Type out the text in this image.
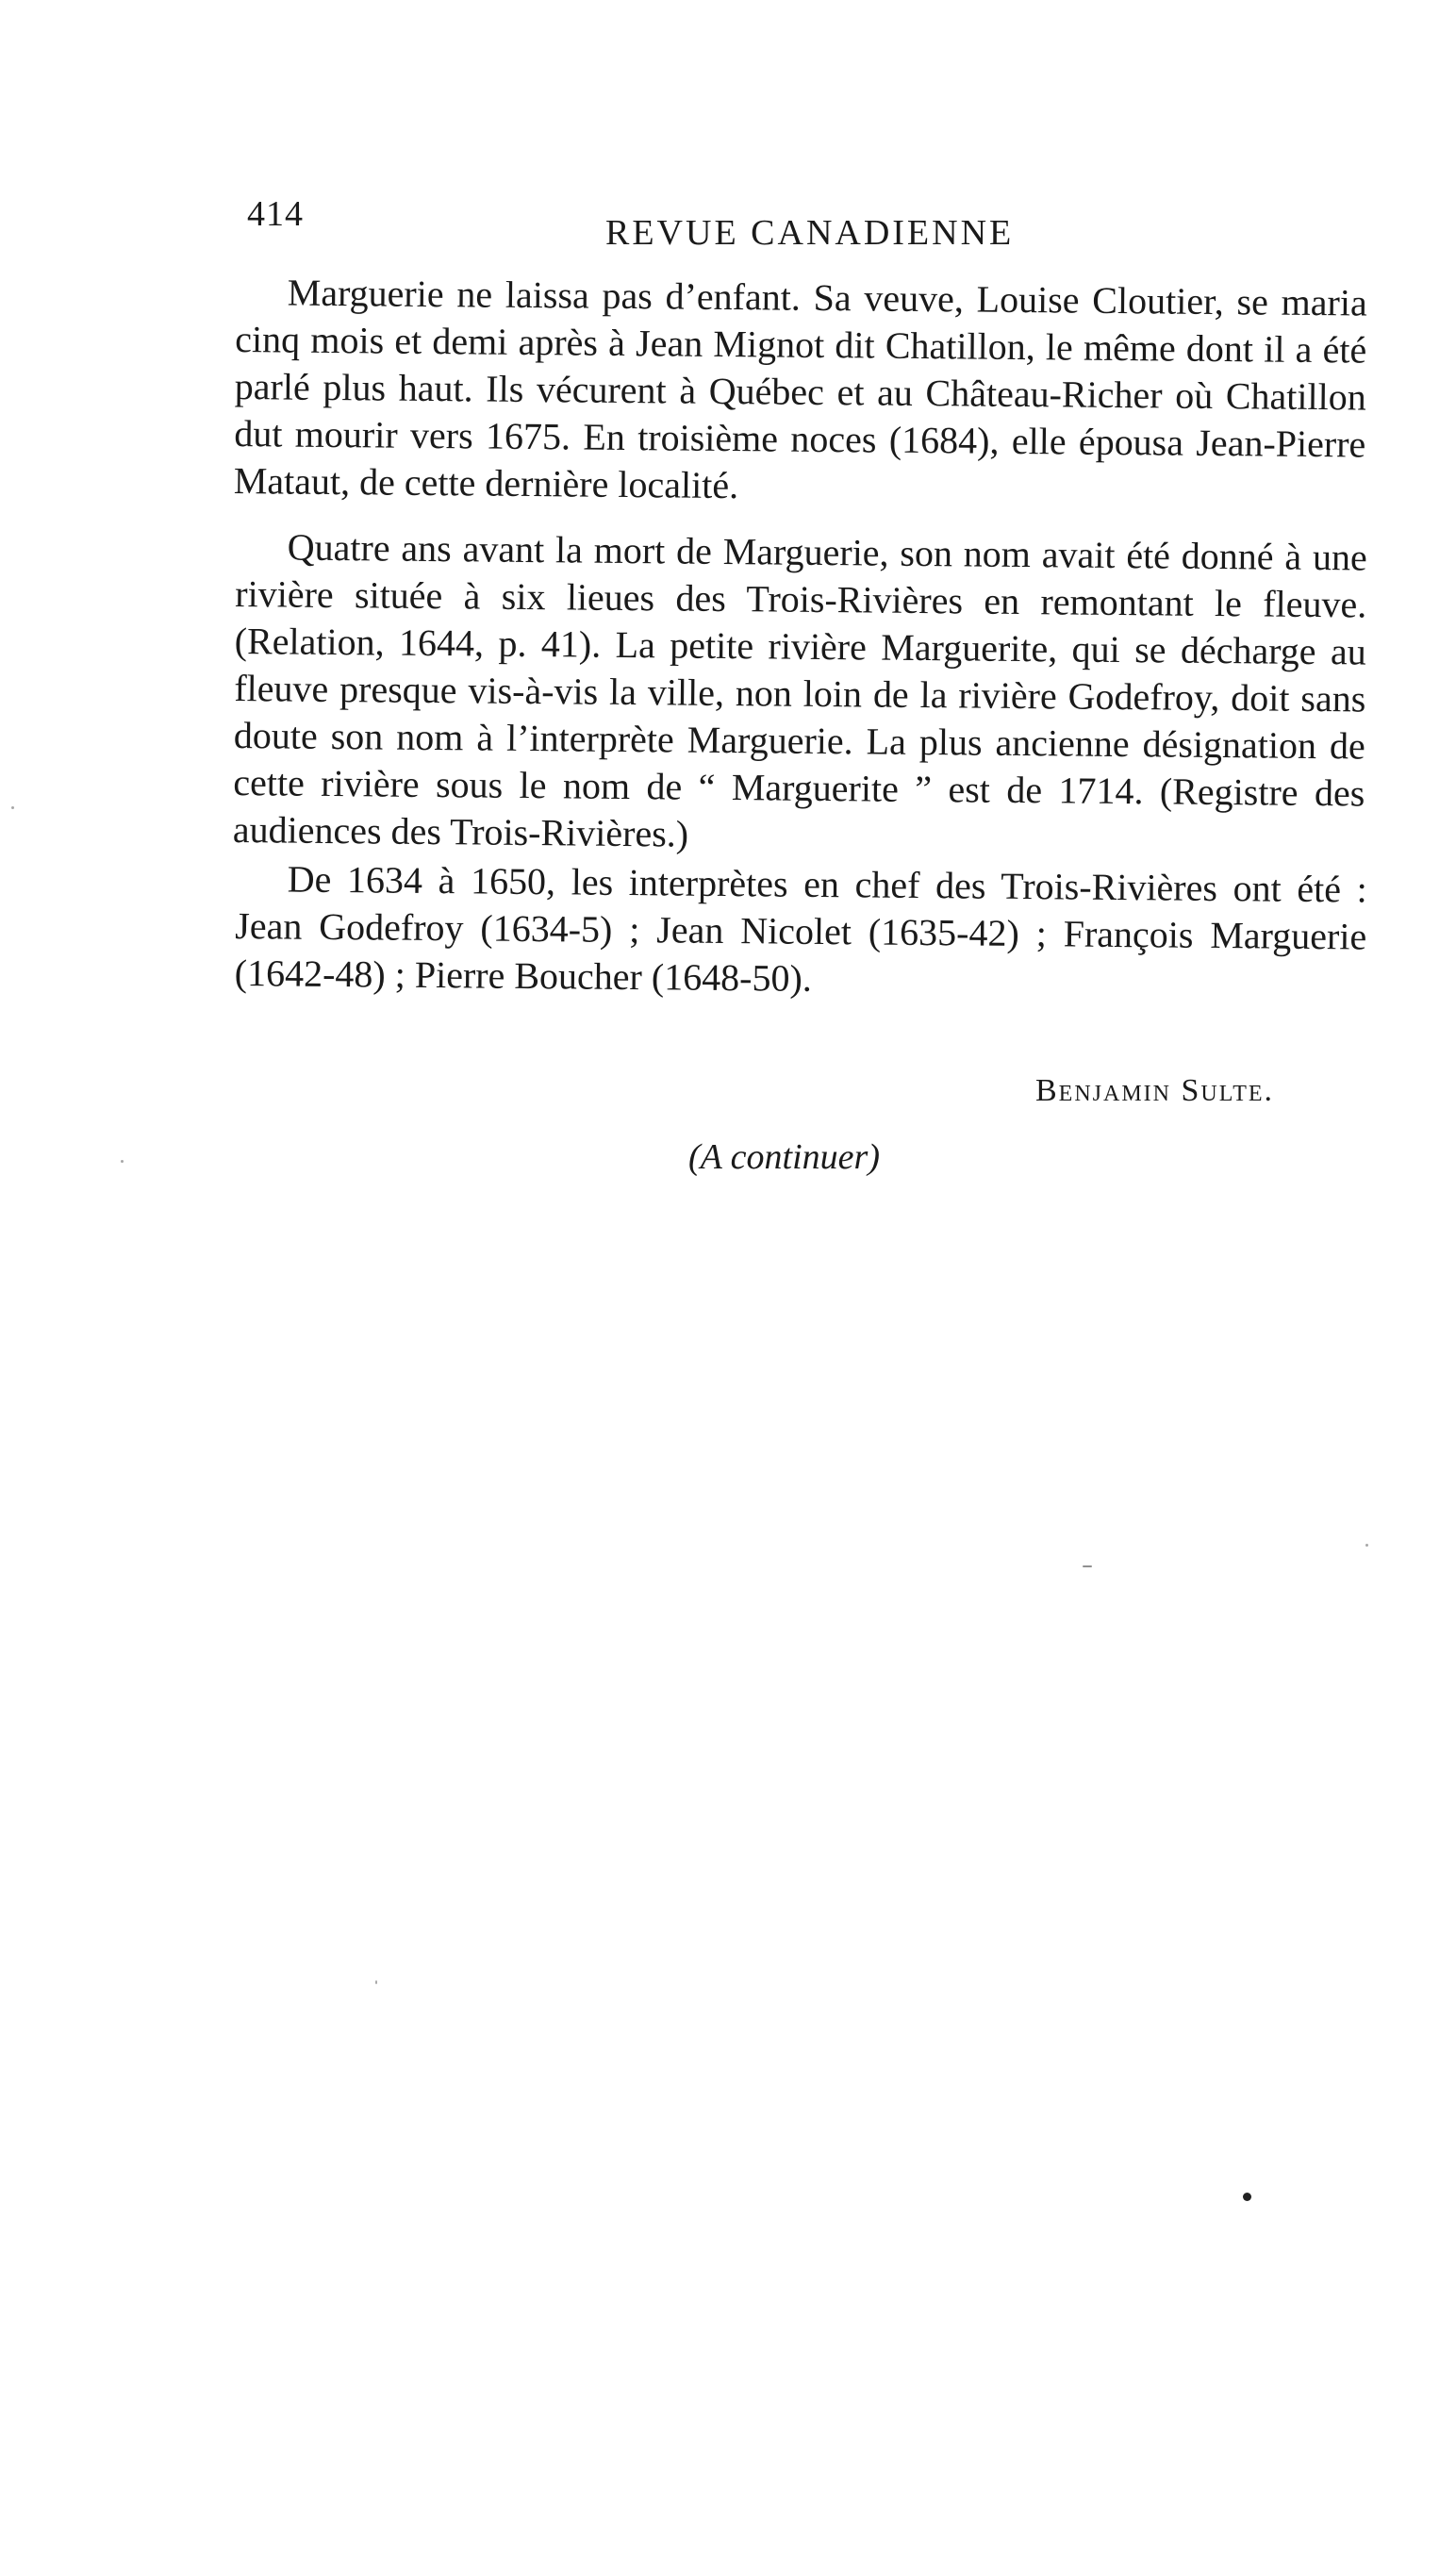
414	REVUE CANADIENNE

Marguerie ne laissa pas d’enfant. Sa veuve, Louise Cloutier, se maria cinq mois et demi après à Jean Mignot dit Chatillon, le même dont il a été parlé plus haut. Ils vécurent à Québec et au Château-Richer où Chatillon dut mourir vers 1675. En troisième noces (1684), elle épousa Jean-Pierre Mataut, de cette dernière localité.

Quatre ans avant la mort de Marguerie, son nom avait été donné à une rivière située à six lieues des Trois-Rivières en remontant le fleuve. (Relation, 1644, p. 41). La petite rivière Marguerite, qui se décharge au fleuve presque vis-à-vis la ville, non loin de la rivière Godefroy, doit sans doute son nom à l’interprète Marguerie. La plus ancienne désignation de cette rivière sous le nom de “ Marguerite ” est de 1714. (Registre des audiences des Trois-Rivières.)

De 1634 à 1650, les interprètes en chef des Trois-Rivières ont été : Jean Godefroy (1634-5) ; Jean Nicolet (1635-42) ; François Marguerie (1642-48) ; Pierre Boucher (1648-50).

Benjamin Sulte.
(A continuer)
